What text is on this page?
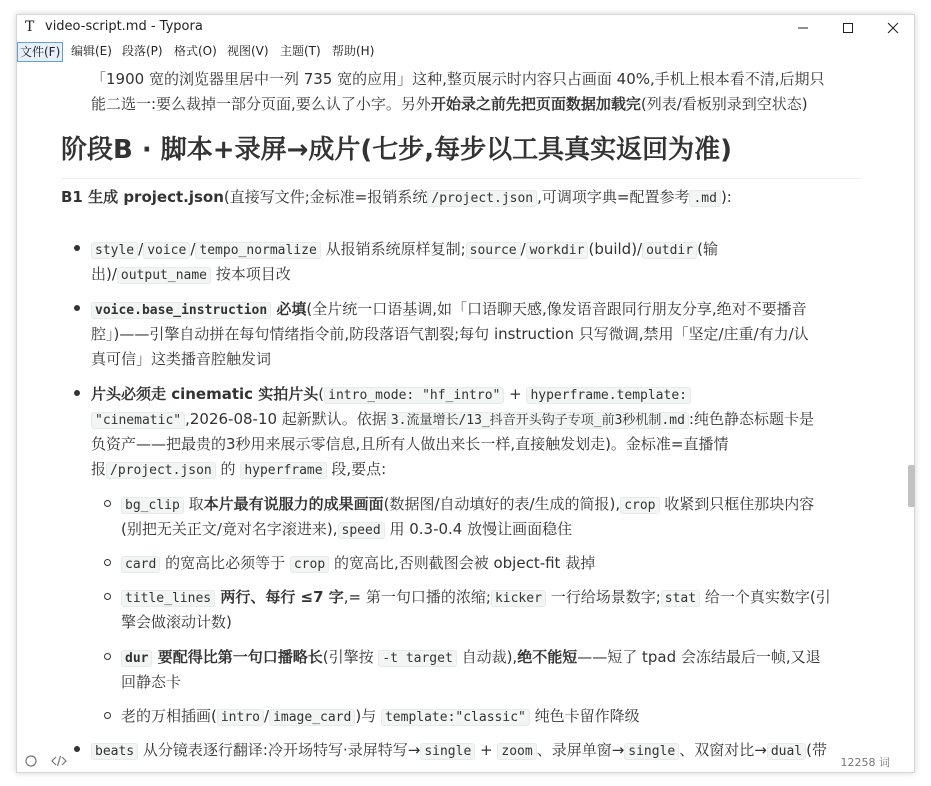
T video-script.md - Typora
文件(F) 编辑(E) 段落(P) 格式(O) 视图(V) 主题(T) 帮助(H)
「1900 宽的浏览器里居中一列 735 宽的应用」这种,整页展示时内容只占画面 40%,手机上根本看不清,后期只
能二选一:要么裁掉一部分页面,要么认了小字。另外开始录之前先把页面数据加载完(列表/看板别录到空状态)
阶段B · 脚本+录屏→成片(七步,每步以工具真实返回为准)
B1 生成 project.json(直接写文件;金标准=报销系统 /project.json ,可调项字典=配置参考 .md ):
style / voice / tempo_normalize 从报销系统原样复制; source / workdir (build)/ outdir (输
出)/ output_name 按本项目改
voice.base_instruction 必填(全片统一口语基调,如「口语聊天感,像发语音跟同行朋友分享,绝对不要播音
腔」)——引擎自动拼在每句情绪指令前,防段落语气割裂;每句 instruction 只写微调,禁用「坚定/庄重/有力/认
真可信」这类播音腔触发词
片头必须走 cinematic 实拍片头( intro_mode: "hf_intro" + hyperframe.template:
"cinematic" ,2026-08-10 起新默认。依据 3.流量增长/13_抖音开头钩子专项_前3秒机制.md :纯色静态标题卡是
负资产——把最贵的3秒用来展示零信息,且所有人做出来长一样,直接触发划走)。金标准=直播情
报 /project.json 的 hyperframe 段,要点:
bg_clip 取本片最有说服力的成果画面(数据图/自动填好的表/生成的简报), crop 收紧到只框住那块内容
(别把无关正文/竟对名字滚进来), speed 用 0.3-0.4 放慢让画面稳住
card 的宽高比必须等于 crop 的宽高比,否则截图会被 object-fit 裁掉
title_lines 两行、每行 ≤7 字,= 第一句口播的浓缩; kicker 一行给场景数字; stat 给一个真实数字(引
擎会做滚动计数)
dur 要配得比第一句口播略长(引擎按 -t target 自动裁),绝不能短——短了 tpad 会冻结最后一帧,又退
回静态卡
老的万相插画( intro / image_card )与 template:"classic" 纯色卡留作降级
beats 从分镜表逐行翻译:冷开场特写·录屏特写→ single + zoom 、录屏单窗→ single 、双窗对比→ dual (带
12258 词
